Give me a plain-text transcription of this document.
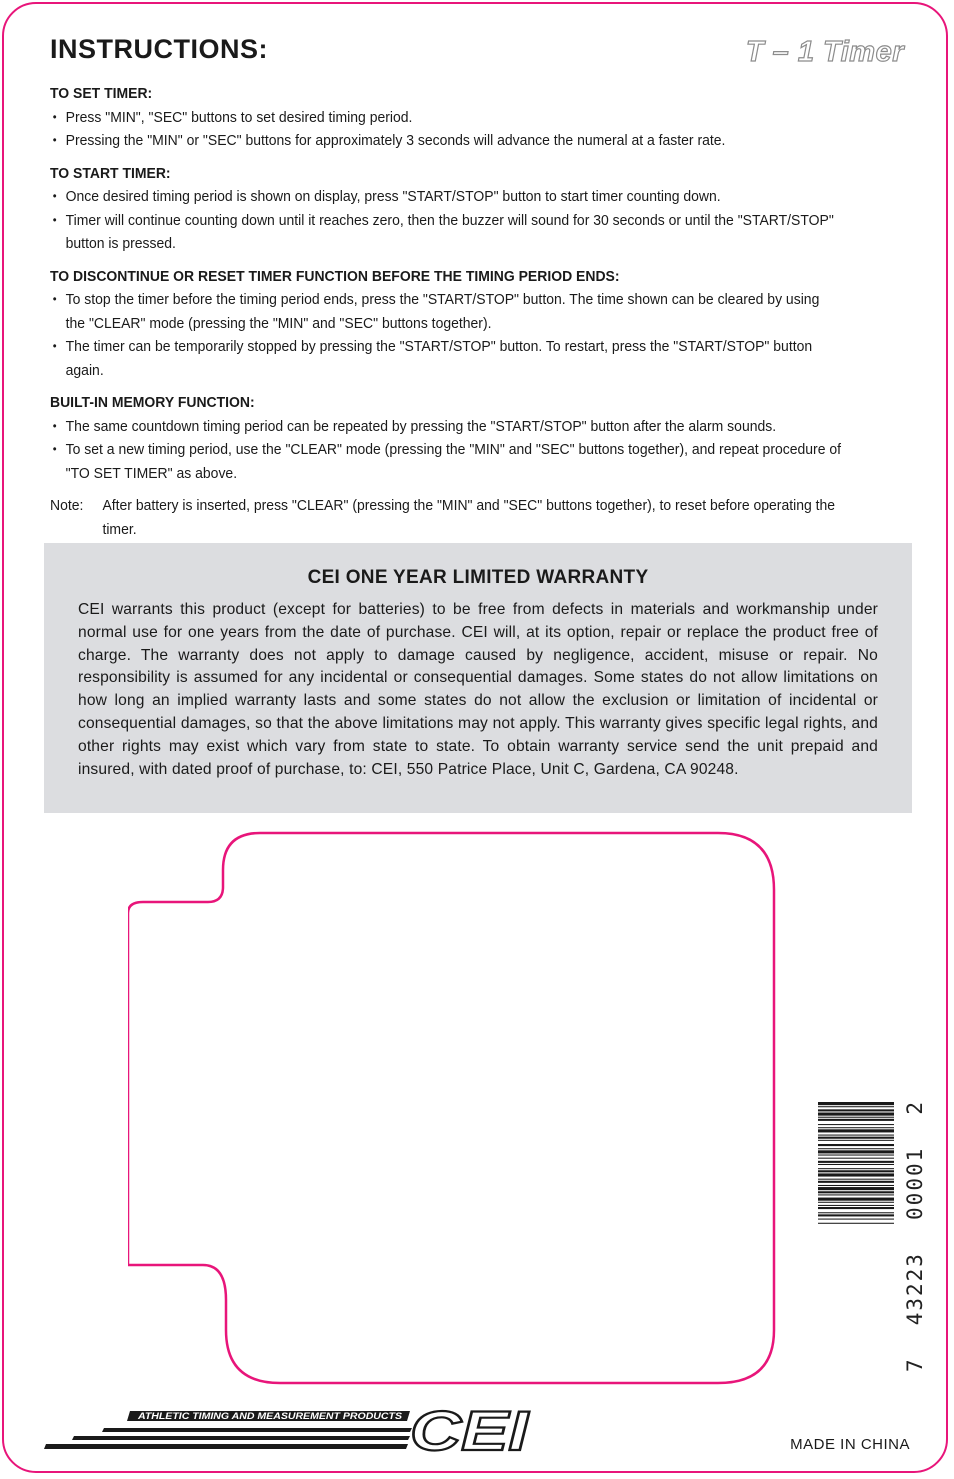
INSTRUCTIONS:	T – 1 Timer
TO SET TIMER:
• Press "MIN", "SEC" buttons to set desired timing period.
• Pressing the "MIN" or "SEC" buttons for approximately 3 seconds will advance the numeral at a faster rate.
TO START TIMER:
• Once desired timing period is shown on display, press "START/STOP" button to start timer counting down.
• Timer will continue counting down until it reaches zero, then the buzzer will sound for 30 seconds or until the "START/STOP" button is pressed.
TO DISCONTINUE OR RESET TIMER FUNCTION BEFORE THE TIMING PERIOD ENDS:
• To stop the timer before the timing period ends, press the "START/STOP" button. The time shown can be cleared by using the "CLEAR" mode (pressing the "MIN" and "SEC" buttons together).
• The timer can be temporarily stopped by pressing the "START/STOP" button. To restart, press the "START/STOP" button again.
BUILT-IN MEMORY FUNCTION:
• The same countdown timing period can be repeated by pressing the "START/STOP" button after the alarm sounds.
• To set a new timing period, use the "CLEAR" mode (pressing the "MIN" and "SEC" buttons together), and repeat procedure of "TO SET TIMER" as above.
Note:	After battery is inserted, press "CLEAR" (pressing the "MIN" and "SEC" buttons together), to reset before operating the timer.
CEI ONE YEAR LIMITED WARRANTY

CEI warrants this product (except for batteries) to be free from defects in materials and workmanship under normal use for one years from the date of purchase. CEI will, at its option, repair or replace the product free of charge. The warranty does not apply to damage caused by negligence, accident, misuse or repair. No responsibility is assumed for any incidental or consequential damages. Some states do not allow limitations on how long an implied warranty lasts and some states do not allow the exclusion or limitation of incidental or consequential damages, so that the above limitations may not apply. This warranty gives specific legal rights, and other rights may exist which vary from state to state. To obtain warranty service send the unit prepaid and insured, with dated proof of purchase, to: CEI, 550 Patrice Place, Unit C, Gardena, CA 90248.

7
43223
00001
2
ATHLETIC TIMING AND MEASUREMENT PRODUCTS CEI	MADE IN CHINA
